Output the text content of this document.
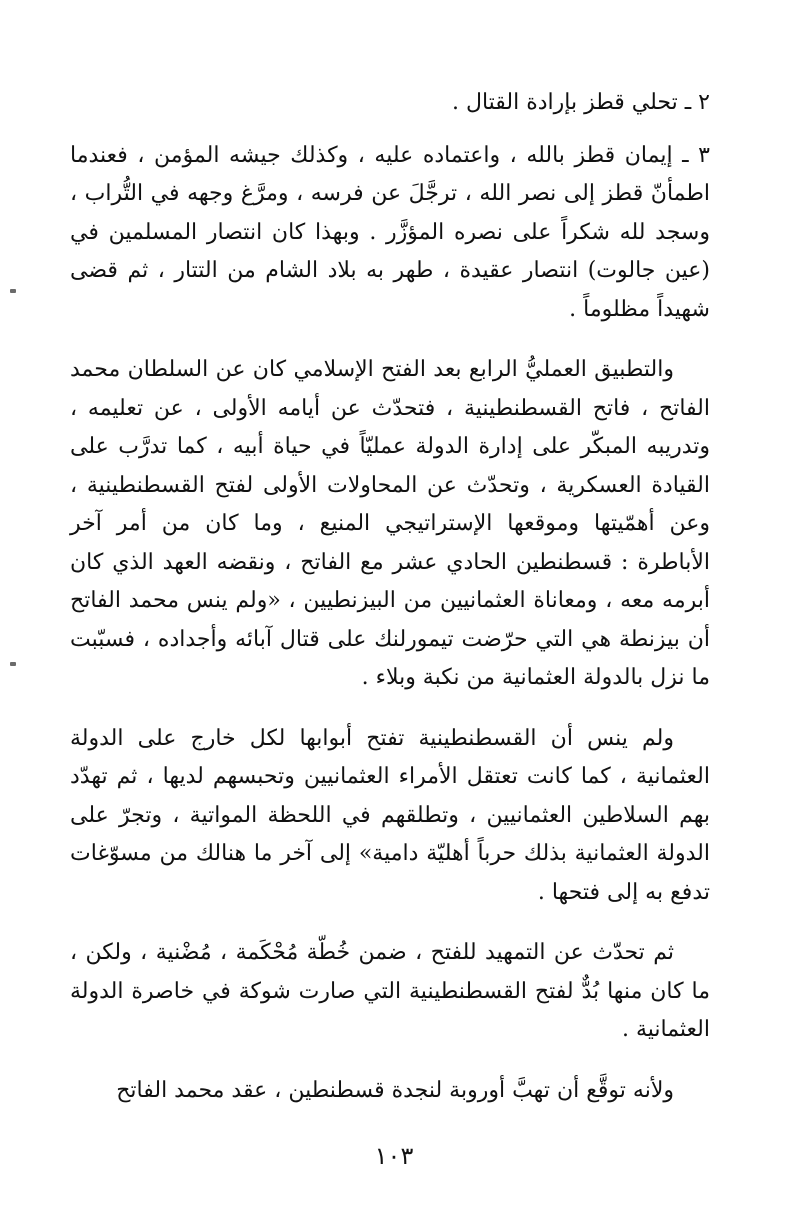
٢ ـ تحلي قطز بإرادة القتال .

٣ ـ إيمان قطز بالله ، واعتماده عليه ، وكذلك جيشه المؤمن ، فعندما اطمأنّ قطز إلى نصر الله ، ترجَّلَ عن فرسه ، ومرَّغ وجهه في التُّراب ، وسجد لله شكراً على نصره المؤزَّر . وبهذا كان انتصار المسلمين في (عين جالوت) انتصار عقيدة ، طهر به بلاد الشام من التتار ، ثم قضى شهيداً مظلوماً .

والتطبيق العمليُّ الرابع بعد الفتح الإسلامي كان عن السلطان محمد الفاتح ، فاتح القسطنطينية ، فتحدّث عن أيامه الأولى ، عن تعليمه ، وتدريبه المبكّر على إدارة الدولة عمليّاً في حياة أبيه ، كما تدرَّب على القيادة العسكرية ، وتحدّث عن المحاولات الأولى لفتح القسطنطينية ، وعن أهمّيتها وموقعها الإستراتيجي المنيع ، وما كان من أمر آخر الأباطرة : قسطنطين الحادي عشر مع الفاتح ، ونقضه العهد الذي كان أبرمه معه ، ومعاناة العثمانيين من البيزنطيين ، «ولم ينس محمد الفاتح أن بيزنطة هي التي حرّضت تيمورلنك على قتال آبائه وأجداده ، فسبّبت ما نزل بالدولة العثمانية من نكبة وبلاء .

ولم ينس أن القسطنطينية تفتح أبوابها لكل خارج على الدولة العثمانية ، كما كانت تعتقل الأمراء العثمانيين وتحبسهم لديها ، ثم تهدّد بهم السلاطين العثمانيين ، وتطلقهم في اللحظة المواتية ، وتجرّ على الدولة العثمانية بذلك حرباً أهليّة دامية» إلى آخر ما هنالك من مسوّغات تدفع به إلى فتحها .

ثم تحدّث عن التمهيد للفتح ، ضمن خُطّة مُحْكَمة ، مُضْنية ، ولكن ، ما كان منها بُدٌّ لفتح القسطنطينية التي صارت شوكة في خاصرة الدولة العثمانية .

ولأنه توقَّع أن تهبَّ أوروبة لنجدة قسطنطين ، عقد محمد الفاتح

١٠٣
